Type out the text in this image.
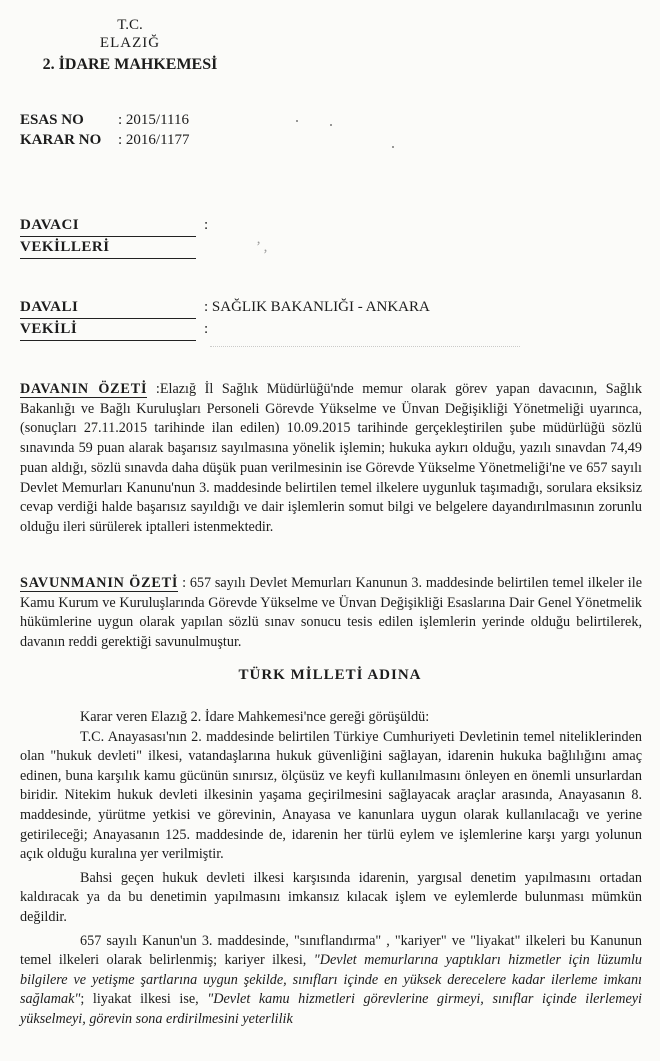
T.C.
ELAZIĞ
2. İDARE MAHKEMESİ
ESAS NO	: 2015/1116
KARAR NO	: 2016/1177
DAVACI	:
VEKİLLERİ	’ ,
DAVALI	: SAĞLIK BAKANLIĞI - ANKARA
VEKİLİ	:
DAVANIN ÖZETİ :Elazığ İl Sağlık Müdürlüğü'nde memur olarak görev yapan davacının, Sağlık Bakanlığı ve Bağlı Kuruluşları Personeli Görevde Yükselme ve Ünvan Değişikliği Yönetmeliği uyarınca, (sonuçları 27.11.2015 tarihinde ilan edilen) 10.09.2015 tarihinde gerçekleştirilen şube müdürlüğü sözlü sınavında 59 puan alarak başarısız sayılmasına yönelik işlemin; hukuka aykırı olduğu, yazılı sınavdan 74,49 puan aldığı, sözlü sınavda daha düşük puan verilmesinin ise Görevde Yükselme Yönetmeliği'ne ve 657 sayılı Devlet Memurları Kanunu'nun 3. maddesinde belirtilen temel ilkelere uygunluk taşımadığı, sorulara eksiksiz cevap verdiği halde başarısız sayıldığı ve dair işlemlerin somut bilgi ve belgelere dayandırılmasının zorunlu olduğu ileri sürülerek iptalleri istenmektedir.
SAVUNMANIN ÖZETİ : 657 sayılı Devlet Memurları Kanunun 3. maddesinde belirtilen temel ilkeler ile Kamu Kurum ve Kuruluşlarında Görevde Yükselme ve Ünvan Değişikliği Esaslarına Dair Genel Yönetmelik hükümlerine uygun olarak yapılan sözlü sınav sonucu tesis edilen işlemlerin yerinde olduğu belirtilerek, davanın reddi gerektiği savunulmuştur.
TÜRK MİLLETİ ADINA

Karar veren Elazığ 2. İdare Mahkemesi'nce gereği görüşüldü:

T.C. Anayasası'nın 2. maddesinde belirtilen Türkiye Cumhuriyeti Devletinin temel niteliklerinden olan "hukuk devleti" ilkesi, vatandaşlarına hukuk güvenliğini sağlayan, idarenin hukuka bağlılığını amaç edinen, buna karşılık kamu gücünün sınırsız, ölçüsüz ve keyfi kullanılmasını önleyen en önemli unsurlardan biridir. Nitekim hukuk devleti ilkesinin yaşama geçirilmesini sağlayacak araçlar arasında, Anayasanın 8. maddesinde, yürütme yetkisi ve görevinin, Anayasa ve kanunlara uygun olarak kullanılacağı ve yerine getirileceği; Anayasanın 125. maddesinde de, idarenin her türlü eylem ve işlemlerine karşı yargı yolunun açık olduğu kuralına yer verilmiştir.

Bahsi geçen hukuk devleti ilkesi karşısında idarenin, yargısal denetim yapılmasını ortadan kaldıracak ya da bu denetimin yapılmasını imkansız kılacak işlem ve eylemlerde bulunması mümkün değildir.

657 sayılı Kanun'un 3. maddesinde, "sınıflandırma" , "kariyer" ve "liyakat" ilkeleri bu Kanunun temel ilkeleri olarak belirlenmiş; kariyer ilkesi, "Devlet memurlarına yaptıkları hizmetler için lüzumlu bilgilere ve yetişme şartlarına uygun şekilde, sınıfları içinde en yüksek derecelere kadar ilerleme imkanı sağlamak"; liyakat ilkesi ise, "Devlet kamu hizmetleri görevlerine girmeyi, sınıflar içinde ilerlemeyi yükselmeyi, görevin sona erdirilmesini yeterlilik
